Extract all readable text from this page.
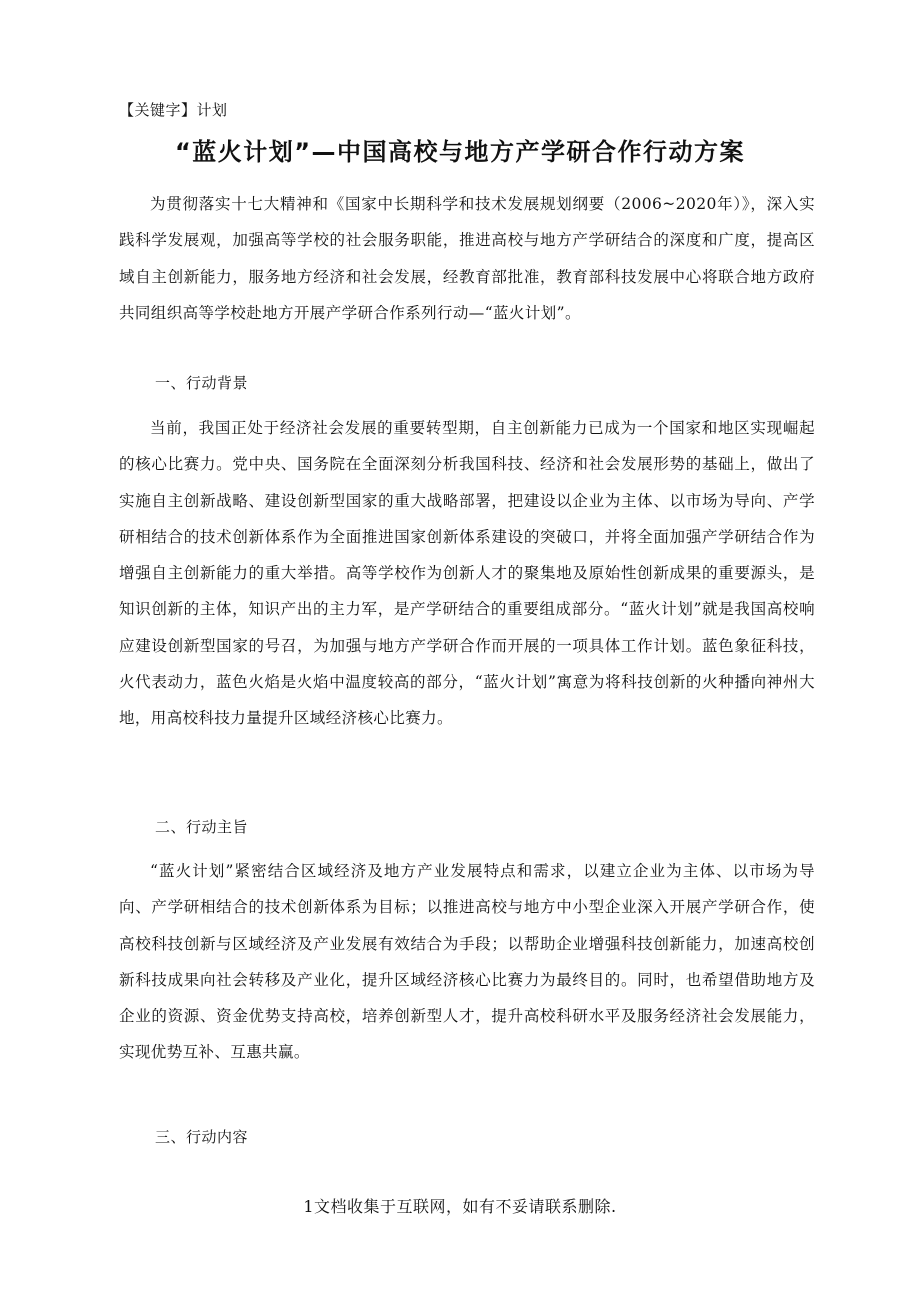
【关键字】计划
“蓝火计划”—中国高校与地方产学研合作行动方案
为贯彻落实十七大精神和《国家中长期科学和技术发展规划纲要（2006~2020年）》，深入实践科学发展观，加强高等学校的社会服务职能，推进高校与地方产学研结合的深度和广度，提高区域自主创新能力，服务地方经济和社会发展，经教育部批准，教育部科技发展中心将联合地方政府共同组织高等学校赴地方开展产学研合作系列行动—“蓝火计划”。
一、行动背景
当前，我国正处于经济社会发展的重要转型期，自主创新能力已成为一个国家和地区实现崛起的核心比赛力。党中央、国务院在全面深刻分析我国科技、经济和社会发展形势的基础上，做出了实施自主创新战略、建设创新型国家的重大战略部署，把建设以企业为主体、以市场为导向、产学研相结合的技术创新体系作为全面推进国家创新体系建设的突破口，并将全面加强产学研结合作为增强自主创新能力的重大举措。高等学校作为创新人才的聚集地及原始性创新成果的重要源头，是知识创新的主体，知识产出的主力军，是产学研结合的重要组成部分。“蓝火计划”就是我国高校响应建设创新型国家的号召，为加强与地方产学研合作而开展的一项具体工作计划。蓝色象征科技，火代表动力，蓝色火焰是火焰中温度较高的部分，“蓝火计划”寓意为将科技创新的火种播向神州大地，用高校科技力量提升区域经济核心比赛力。
二、行动主旨
“蓝火计划”紧密结合区域经济及地方产业发展特点和需求，以建立企业为主体、以市场为导向、产学研相结合的技术创新体系为目标；以推进高校与地方中小型企业深入开展产学研合作，使高校科技创新与区域经济及产业发展有效结合为手段；以帮助企业增强科技创新能力，加速高校创新科技成果向社会转移及产业化，提升区域经济核心比赛力为最终目的。同时，也希望借助地方及企业的资源、资金优势支持高校，培养创新型人才，提升高校科研水平及服务经济社会发展能力，实现优势互补、互惠共赢。
三、行动内容
1文档收集于互联网，如有不妥请联系删除.
